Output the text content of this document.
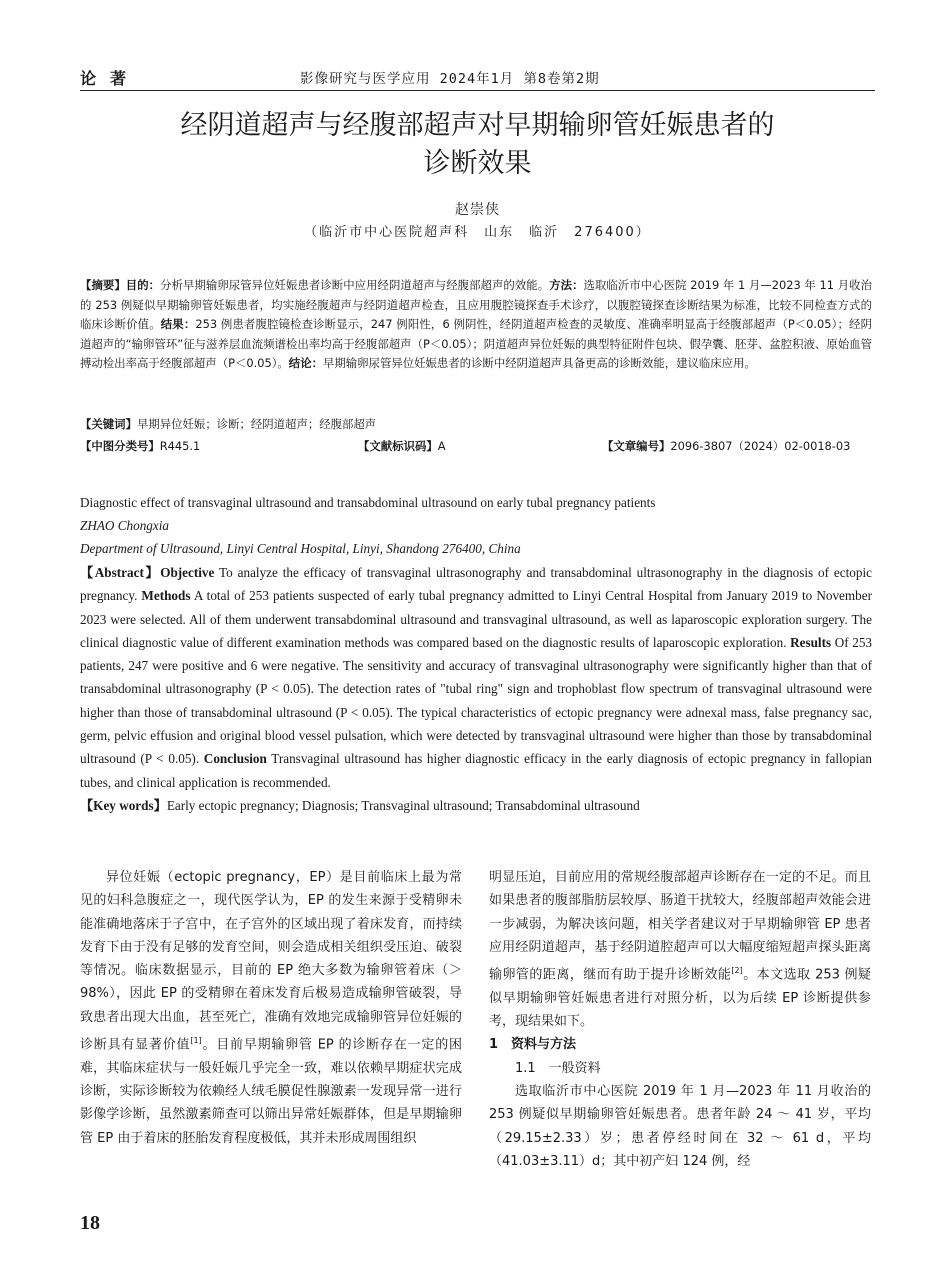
论著	影像研究与医学应用 2024年1月 第8卷第2期
经阴道超声与经腹部超声对早期输卵管妊娠患者的
诊断效果
赵崇侠
（临沂市中心医院超声科　山东　临沂　276400）
【摘要】目的：分析早期输卵尿管异位妊娠患者诊断中应用经阴道超声与经腹部超声的效能。方法：选取临沂市中心医院 2019 年 1 月—2023 年 11 月收治的 253 例疑似早期输卵管妊娠患者，均实施经腹超声与经阴道超声检查，且应用腹腔镜探查手术诊疗，以腹腔镜探查诊断结果为标准，比较不同检查方式的临床诊断价值。结果：253 例患者腹腔镜检查诊断显示，247 例阳性，6 例阴性，经阴道超声检查的灵敏度、准确率明显高于经腹部超声（P＜0.05）；经阴道超声的“输卵管环”征与滋养层血流频谱检出率均高于经腹部超声（P＜0.05）；阴道超声异位妊娠的典型特征附件包块、假孕囊、胚芽、盆腔积液、原始血管搏动检出率高于经腹部超声（P＜0.05）。结论：早期输卵尿管异位妊娠患者的诊断中经阴道超声具备更高的诊断效能，建议临床应用。
【关键词】早期异位妊娠；诊断；经阴道超声；经腹部超声
【中图分类号】R445.1	【文献标识码】A	【文章编号】2096-3807（2024）02-0018-03
Diagnostic effect of transvaginal ultrasound and transabdominal ultrasound on early tubal pregnancy patients
ZHAO Chongxia
Department of Ultrasound, Linyi Central Hospital, Linyi, Shandong 276400, China
【Abstract】Objective To analyze the efficacy of transvaginal ultrasonography and transabdominal ultrasonography in the diagnosis of ectopic pregnancy. Methods A total of 253 patients suspected of early tubal pregnancy admitted to Linyi Central Hospital from January 2019 to November 2023 were selected. All of them underwent transabdominal ultrasound and transvaginal ultrasound, as well as laparoscopic exploration surgery. The clinical diagnostic value of different examination methods was compared based on the diagnostic results of laparoscopic exploration. Results Of 253 patients, 247 were positive and 6 were negative. The sensitivity and accuracy of transvaginal ultrasonography were significantly higher than that of transabdominal ultrasonography (P < 0.05). The detection rates of "tubal ring" sign and trophoblast flow spectrum of transvaginal ultrasound were higher than those of transabdominal ultrasound (P < 0.05). The typical characteristics of ectopic pregnancy were adnexal mass, false pregnancy sac, germ, pelvic effusion and original blood vessel pulsation, which were detected by transvaginal ultrasound were higher than those by transabdominal ultrasound (P < 0.05). Conclusion Transvaginal ultrasound has higher diagnostic efficacy in the early diagnosis of ectopic pregnancy in fallopian tubes, and clinical application is recommended.
【Key words】Early ectopic pregnancy; Diagnosis; Transvaginal ultrasound; Transabdominal ultrasound

异位妊娠（ectopic pregnancy，EP）是目前临床上最为常见的妇科急腹症之一，现代医学认为，EP 的发生来源于受精卵未能准确地落床于子宫中，在子宫外的区域出现了着床发育，而持续发育下由于没有足够的发育空间，则会造成相关组织受压迫、破裂等情况。临床数据显示，目前的 EP 绝大多数为输卵管着床（＞98%），因此 EP 的受精卵在着床发育后极易造成输卵管破裂，导致患者出现大出血，甚至死亡，准确有效地完成输卵管异位妊娠的诊断具有显著价值[1]。目前早期输卵管 EP 的诊断存在一定的困难，其临床症状与一般妊娠几乎完全一致，难以依赖早期症状完成诊断，实际诊断较为依赖经人绒毛膜促性腺激素一发现异常一进行影像学诊断，虽然激素筛查可以筛出异常妊娠群体，但是早期输卵管 EP 由于着床的胚胎发育程度极低，其并未形成周围组织

明显压迫，目前应用的常规经腹部超声诊断存在一定的不足。而且如果患者的腹部脂肪层较厚、肠道干扰较大，经腹部超声效能会进一步减弱，为解决该问题，相关学者建议对于早期输卵管 EP 患者应用经阴道超声，基于经阴道腔超声可以大幅度缩短超声探头距离输卵管的距离，继而有助于提升诊断效能[2]。本文选取 253 例疑似早期输卵管妊娠患者进行对照分析，以为后续 EP 诊断提供参考，现结果如下。

1　资料与方法

1.1　一般资料

选取临沂市中心医院 2019 年 1 月—2023 年 11 月收治的 253 例疑似早期输卵管妊娠患者。患者年龄 24 ～ 41 岁，平均（29.15±2.33）岁；患者停经时间在 32 ～ 61 d，平均（41.03±3.11）d；其中初产妇 124 例，经

18
